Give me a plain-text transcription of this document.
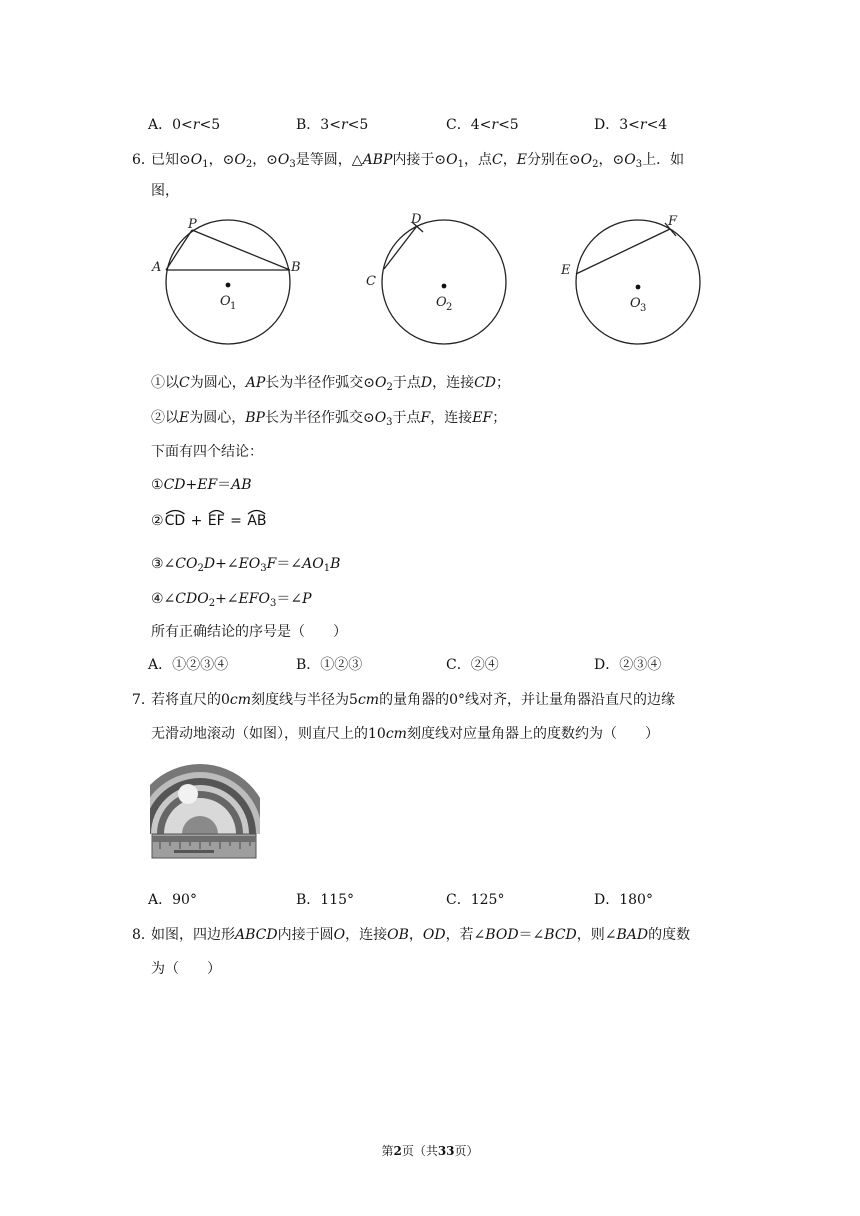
A．0<r<5	B．3<r<5	C．4<r<5	D．3<r<4
6．
已知$⊙O_1$，$⊙O_2$，$⊙O_3$是等圆，△ABP内接于$⊙O_1$，点C，E分别在$⊙O_2$，$⊙O_3$上．如
图，
P
A	B
O 1
D
C
O 2
F
E
O 3
①以C为圆心，AP长为半径作弧交$⊙O_2$于点D，连接CD；
②以E为圆心，BP长为半径作弧交$⊙O_3$于点F，连接EF；
下面有四个结论：
①CD+EF＝AB
②
CD +
EF =
AB
$③\angle CO_2D+\angle EO_3F=\angle AO_1B$
$④\angle CDO_2+\angle EFO_3=\angle P$
所有正确结论的序号是（　　）
A．①②③④	B．①②③	C．②④	D．②③④
7．
若将直尺的0cm刻度线与半径为5cm的量角器的0°线对齐，并让量角器沿直尺的边缘
无滑动地滚动（如图），则直尺上的10cm刻度线对应量角器上的度数约为（　　）
A．90°	B．115°	C．125°	D．180°
8．
如图，四边形ABCD内接于圆O，连接OB，OD，若∠BOD＝∠BCD，则∠BAD的度数
为（　　）
第2页（共33页）
